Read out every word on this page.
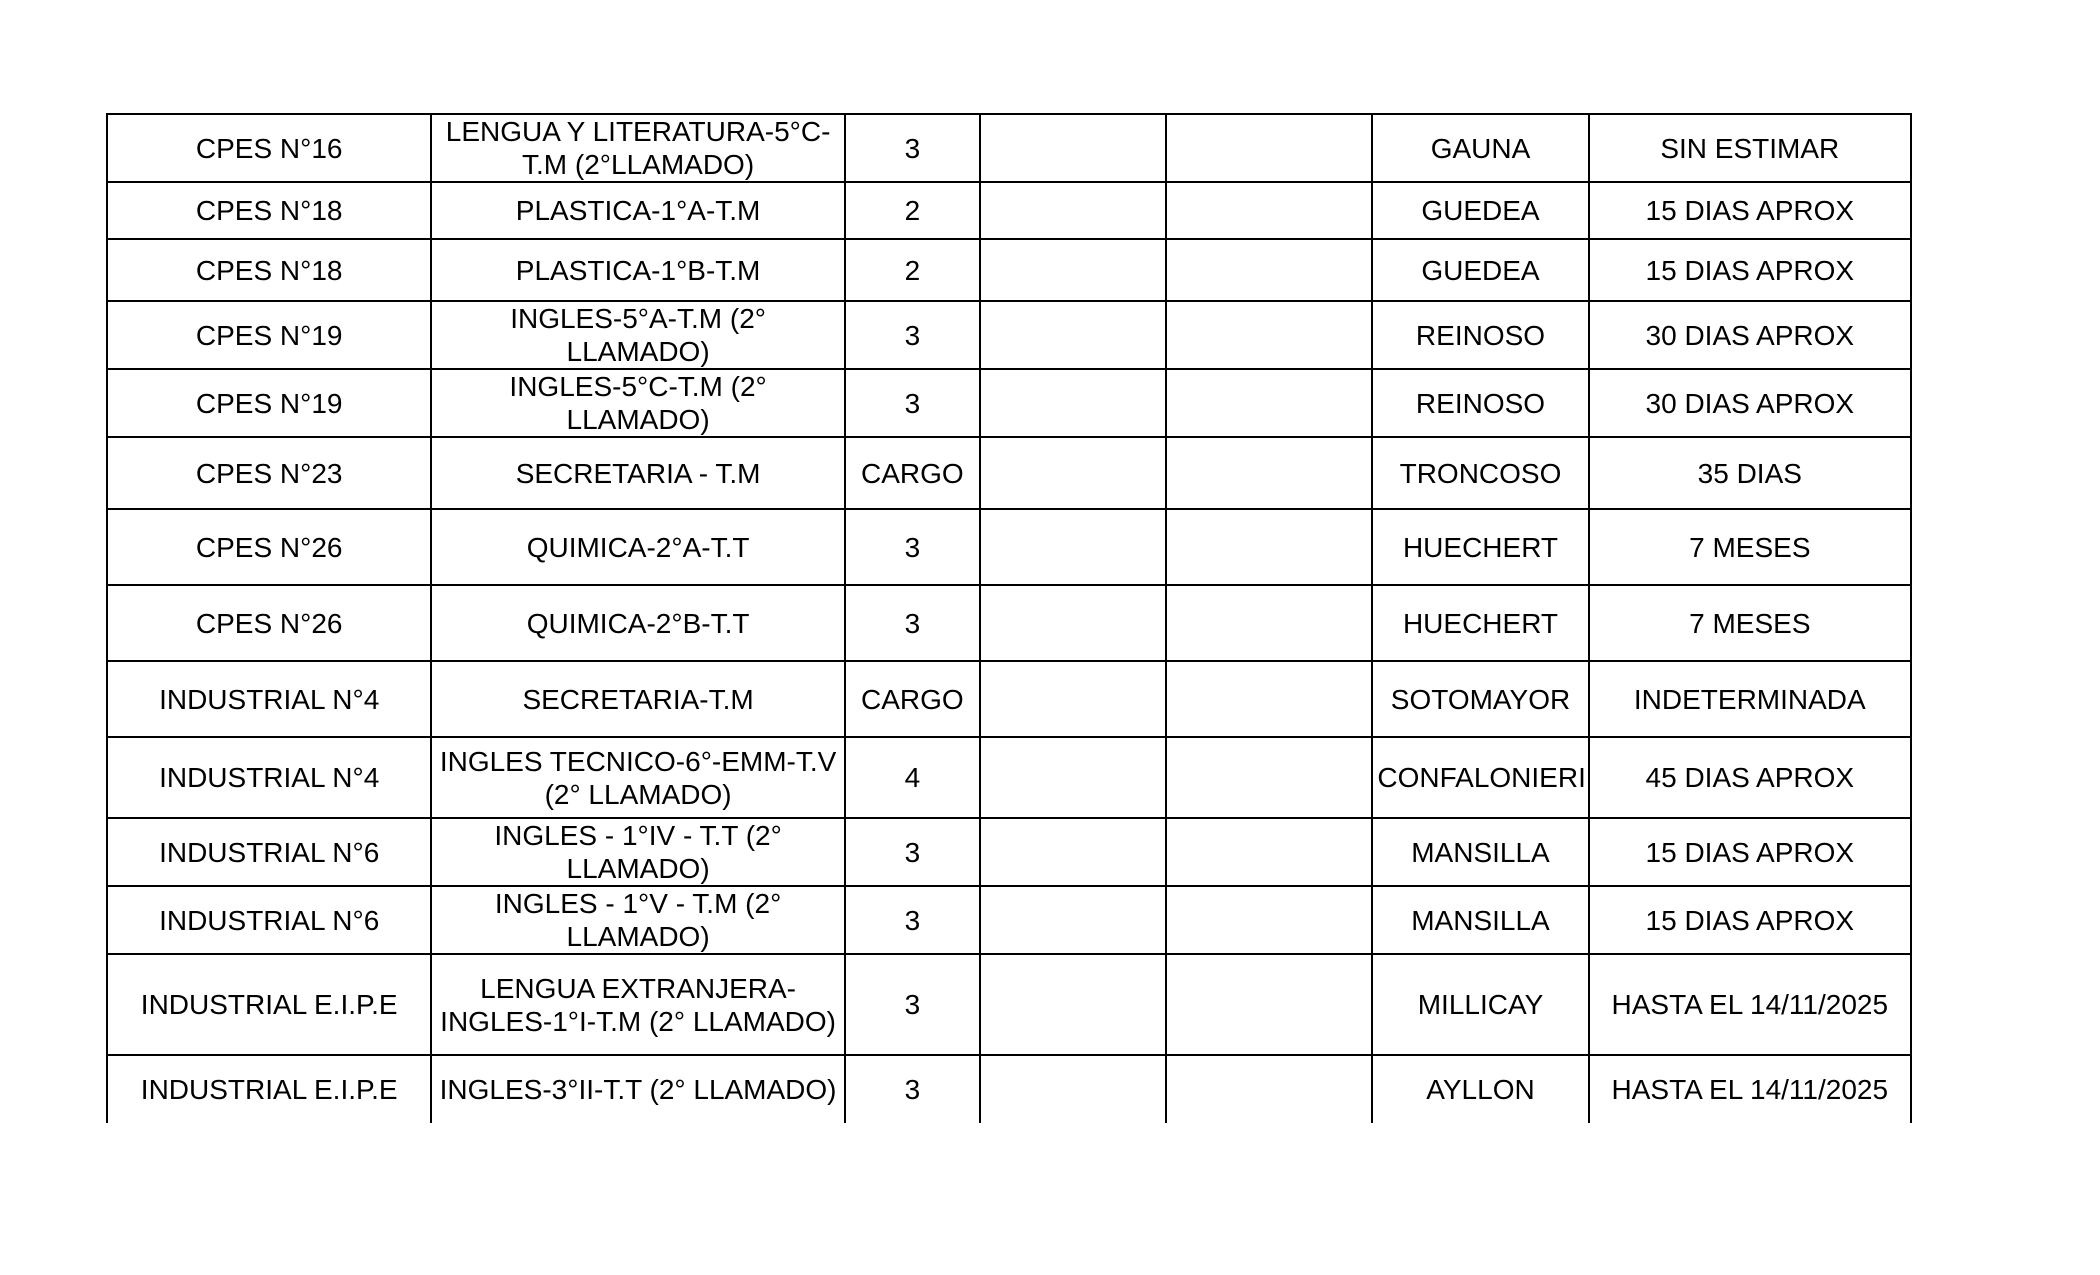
CPES N°16	LENGUA Y LITERATURA-5°C-T.M (2°LLAMADO)	3			GAUNA	SIN ESTIMAR
CPES N°18	PLASTICA-1°A-T.M	2			GUEDEA	15 DIAS APROX
CPES N°18	PLASTICA-1°B-T.M	2			GUEDEA	15 DIAS APROX
CPES N°19	INGLES-5°A-T.M (2° LLAMADO)	3			REINOSO	30 DIAS APROX
CPES N°19	INGLES-5°C-T.M (2° LLAMADO)	3			REINOSO	30 DIAS APROX
CPES N°23	SECRETARIA - T.M	CARGO			TRONCOSO	35 DIAS
CPES N°26	QUIMICA-2°A-T.T	3			HUECHERT	7 MESES
CPES N°26	QUIMICA-2°B-T.T	3			HUECHERT	7 MESES
INDUSTRIAL N°4	SECRETARIA-T.M	CARGO			SOTOMAYOR	INDETERMINADA
INDUSTRIAL N°4	INGLES TECNICO-6°-EMM-T.V (2° LLAMADO)	4			CONFALONIERI	45 DIAS APROX
INDUSTRIAL N°6	INGLES - 1°IV - T.T (2° LLAMADO)	3			MANSILLA	15 DIAS APROX
INDUSTRIAL N°6	INGLES - 1°V - T.M (2° LLAMADO)	3			MANSILLA	15 DIAS APROX
INDUSTRIAL E.I.P.E	LENGUA EXTRANJERA-INGLES-1°I-T.M (2° LLAMADO)	3			MILLICAY	HASTA EL 14/11/2025
INDUSTRIAL E.I.P.E	INGLES-3°II-T.T (2° LLAMADO)	3			AYLLON	HASTA EL 14/11/2025
